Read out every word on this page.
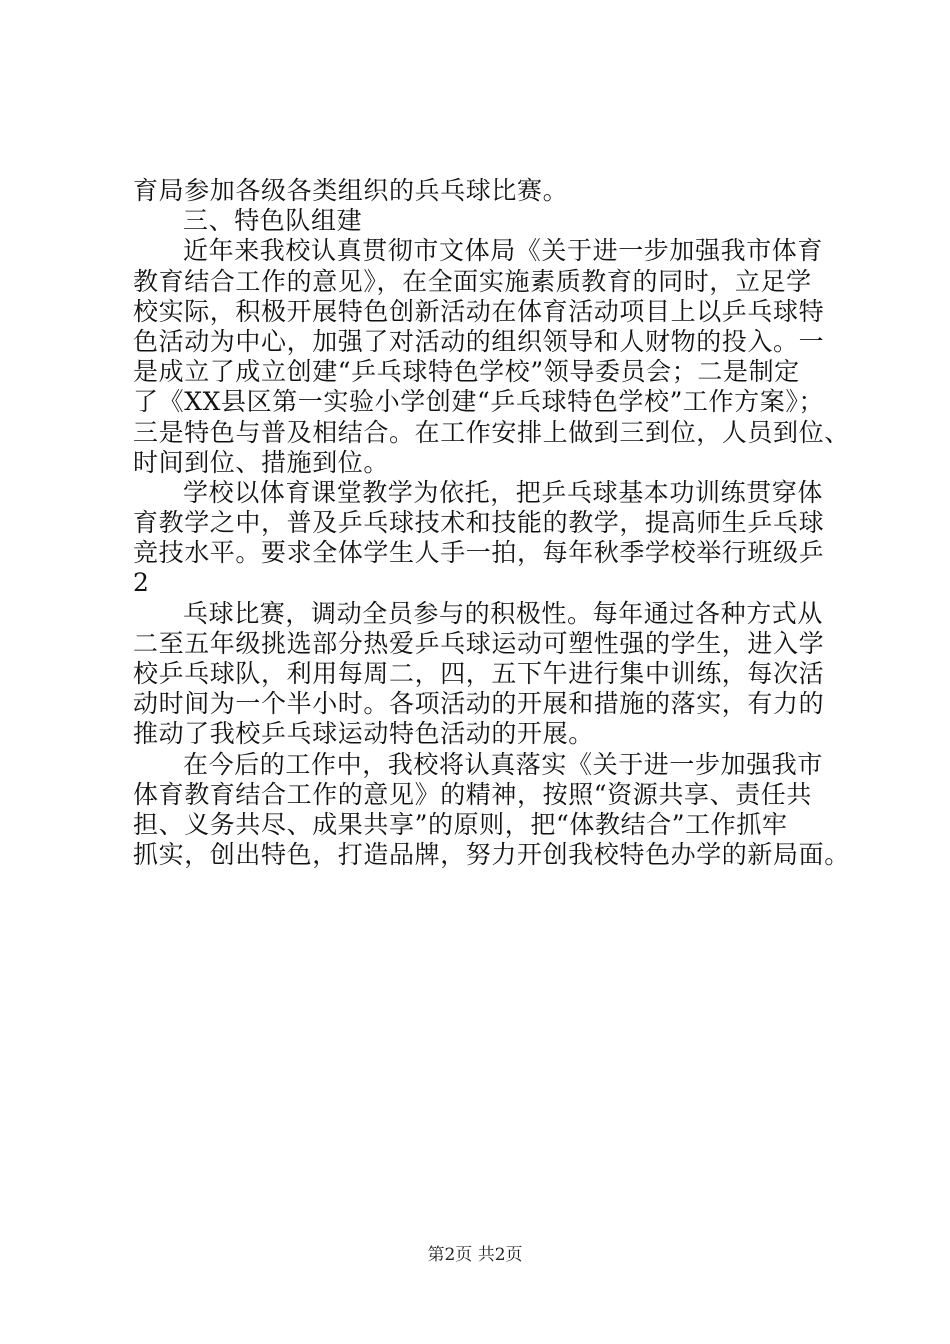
育局参加各级各类组织的兵乓球比赛。
三、特色队组建
近年来我校认真贯彻市文体局《关于进一步加强我市体育
教育结合工作的意见》，在全面实施素质教育的同时，立足学
校实际，积极开展特色创新活动在体育活动项目上以乒乓球特
色活动为中心，加强了对活动的组织领导和人财物的投入。一
是成立了成立创建“乒乓球特色学校”领导委员会；二是制定
了《XX县区第一实验小学创建“乒乓球特色学校”工作方案》；
三是特色与普及相结合。在工作安排上做到三到位，人员到位、
时间到位、措施到位。
学校以体育课堂教学为依托，把乒乓球基本功训练贯穿体
育教学之中，普及乒乓球技术和技能的教学，提高师生乒乓球
竞技水平。要求全体学生人手一拍，每年秋季学校举行班级乒
2
乓球比赛，调动全员参与的积极性。每年通过各种方式从
二至五年级挑选部分热爱乒乓球运动可塑性强的学生，进入学
校乒乓球队，利用每周二，四，五下午进行集中训练，每次活
动时间为一个半小时。各项活动的开展和措施的落实，有力的
推动了我校乒乓球运动特色活动的开展。
在今后的工作中，我校将认真落实《关于进一步加强我市
体育教育结合工作的意见》的精神，按照“资源共享、责任共
担、义务共尽、成果共享”的原则，把“体教结合”工作抓牢
抓实，创出特色，打造品牌，努力开创我校特色办学的新局面。
第2页 共2页
